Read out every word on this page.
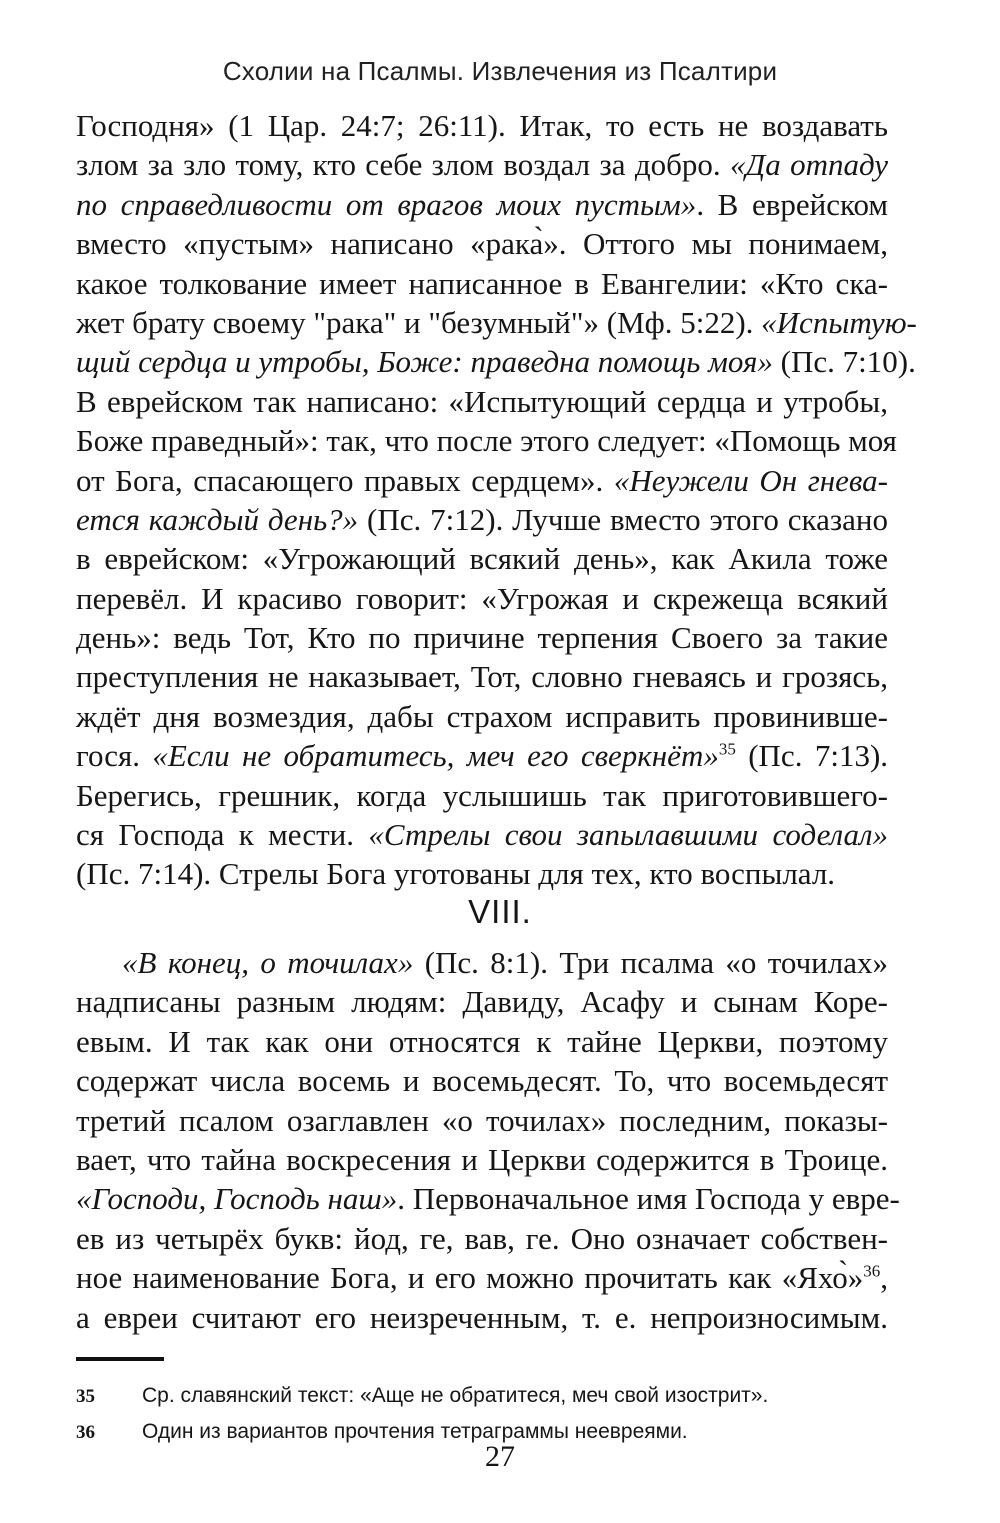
Схолии на Псалмы. Извлечения из Псалтири
Господня» (1 Цар. 24:7; 26:11). Итак, то есть не воздавать
злом за зло тому, кто себе злом воздал за добро. «Да отпаду
по справедливости от врагов моих пустым». В еврейском
вместо «пустым» написано «рака̀». Оттого мы понимаем,
какое толкование имеет написанное в Евангелии: «Кто ска-
жет брату своему "рака" и "безумный"» (Мф. 5:22). «Испытую-
щий сердца и утробы, Боже: праведна помощь моя» (Пс. 7:10).
В еврейском так написано: «Испытующий сердца и утробы,
Боже праведный»: так, что после этого следует: «Помощь моя
от Бога, спасающего правых сердцем». «Неужели Он гнева-
ется каждый день?» (Пс. 7:12). Лучше вместо этого сказано
в еврейском: «Угрожающий всякий день», как Акила тоже
перевёл. И красиво говорит: «Угрожая и скрежеща всякий
день»: ведь Тот, Кто по причине терпения Своего за такие
преступления не наказывает, Тот, словно гневаясь и грозясь,
ждёт дня возмездия, дабы страхом исправить провинивше-
гося. «Если не обратитесь, меч его сверкнёт»$^{35}$ (Пс. 7:13).
Берегись, грешник, когда услышишь так приготовившего-
ся Господа к мести. «Стрелы свои запылавшими соделал»
(Пс. 7:14). Стрелы Бога уготованы для тех, кто воспылал.
VIII.
«В конец, о точилах» (Пс. 8:1). Три псалма «о точилах»
надписаны разным людям: Давиду, Асафу и сынам Коре-
евым. И так как они относятся к тайне Церкви, поэтому
содержат числа восемь и восемьдесят. То, что восемьдесят
третий псалом озаглавлен «о точилах» последним, показы-
вает, что тайна воскресения и Церкви содержится в Троице.
«Господи, Господь наш». Первоначальное имя Господа у евре-
ев из четырёх букв: йод, ге, вав, ге. Оно означает собствен-
ное наименование Бога, и его можно прочитать как «Яхо̀»$^{36}$,
а евреи считают его неизреченным, т. е. непроизносимым.
35 Ср. славянский текст: «Аще не обратитеся, меч свой изострит».
36 Один из вариантов прочтения тетраграммы неевреями.
27
